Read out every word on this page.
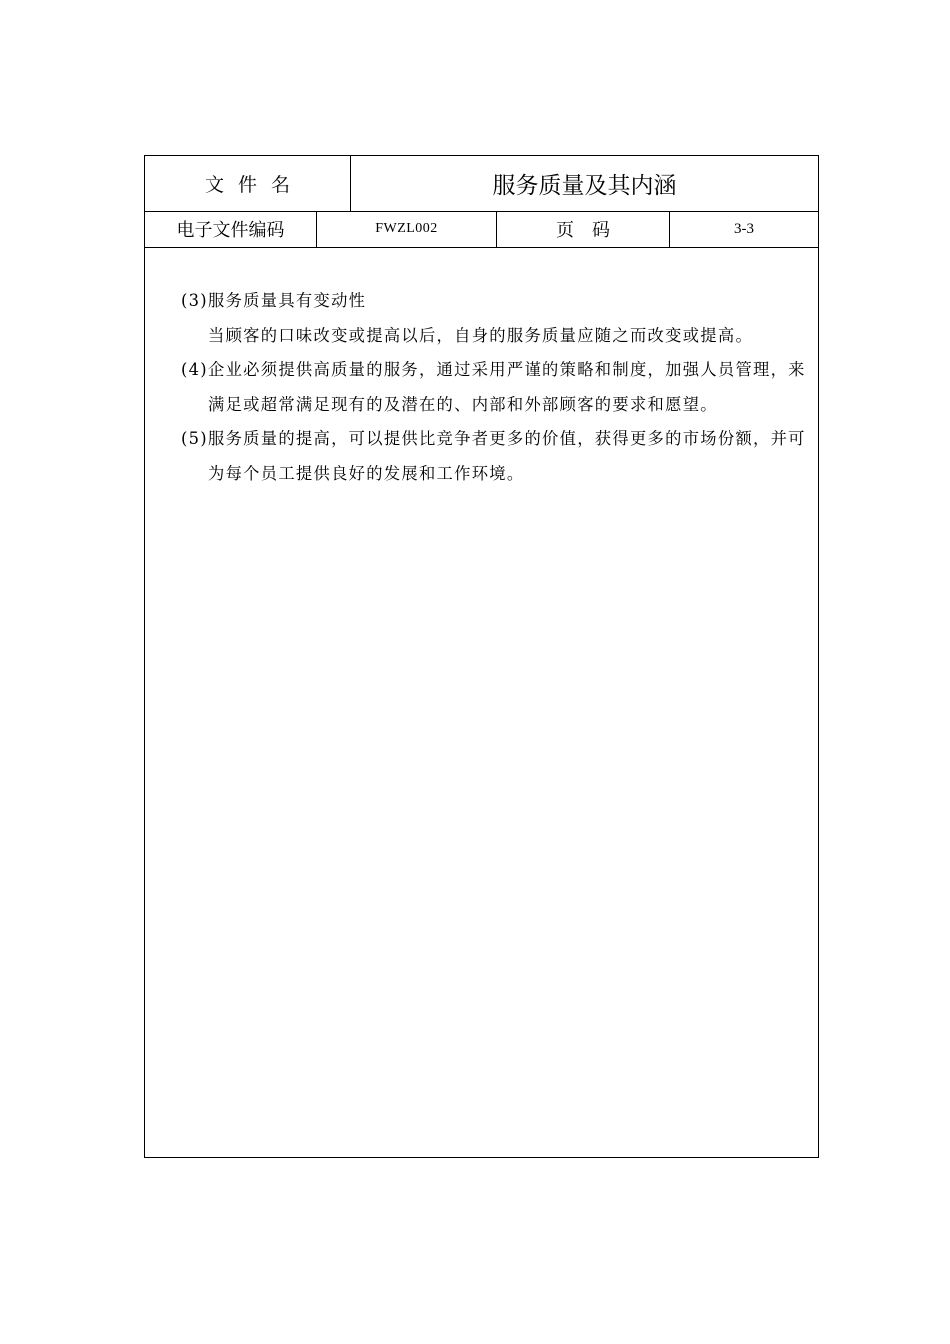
文件名	服务质量及其内涵
电子文件编码	FWZL002	页码	3-3
(3) 服务质量具有变动性
当顾客的口味改变或提高以后，自身的服务质量应随之而改变或提高。
(4) 企业必须提供高质量的服务，通过采用严谨的策略和制度，加强人员管理，来满足或超常满足现有的及潜在的、内部和外部顾客的要求和愿望。
(5) 服务质量的提高，可以提供比竞争者更多的价值，获得更多的市场份额，并可为每个员工提供良好的发展和工作环境。
